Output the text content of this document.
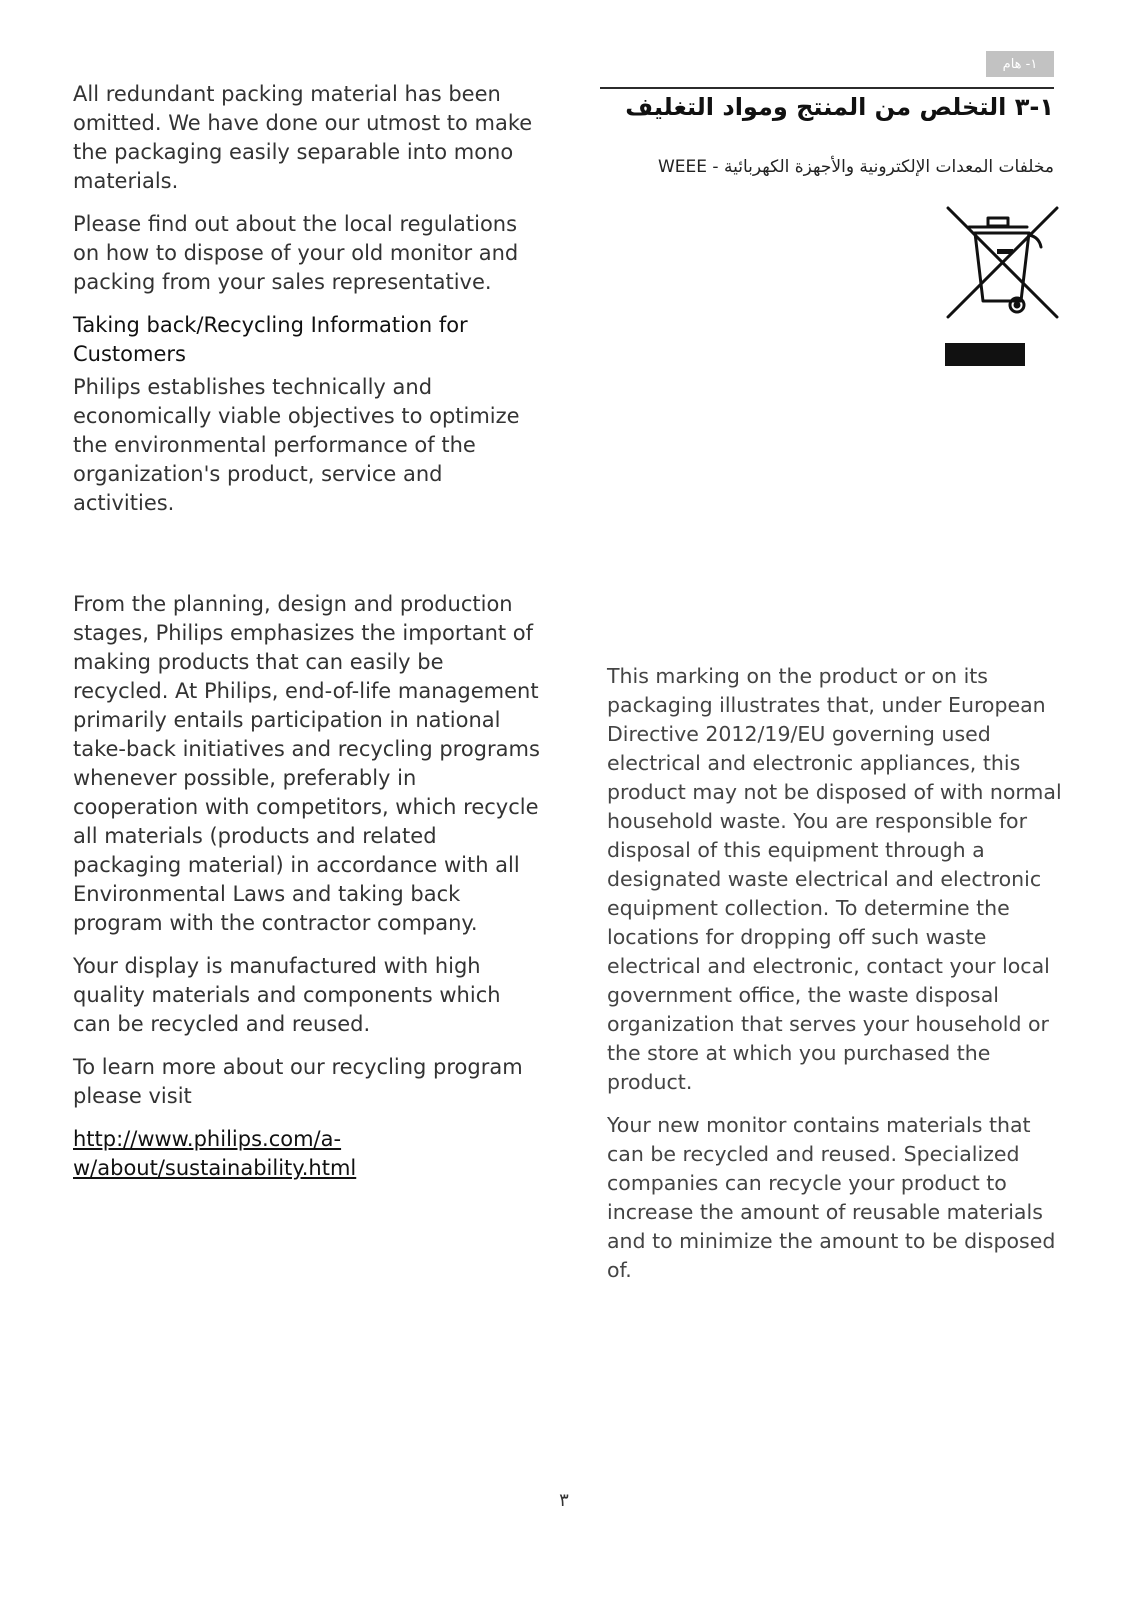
١- هام
١-٣ التخلص من المنتج ومواد التغليف
مخلفات المعدات الإلكترونية والأجهزة الكهربائية - WEEE

All redundant packing material has been omitted. We have done our utmost to make the packaging easily separable into mono materials.

Please find out about the local regulations on how to dispose of your old monitor and packing from your sales representative.

Taking back/Recycling Information for Customers

Philips establishes technically and economically viable objectives to optimize the environmental performance of the organization's product, service and activities.

From the planning, design and production stages, Philips emphasizes the important of making products that can easily be recycled. At Philips, end-of-life management primarily entails participation in national take-back initiatives and recycling programs whenever possible, preferably in cooperation with competitors, which recycle all materials (products and related packaging material) in accordance with all Environmental Laws and taking back program with the contractor company.

Your display is manufactured with high quality materials and components which can be recycled and reused.

To learn more about our recycling program please visit

http://www.philips.com/a-w/about/sustainability.html

This marking on the product or on its packaging illustrates that, under European Directive 2012/19/EU governing used electrical and electronic appliances, this product may not be disposed of with normal household waste. You are responsible for disposal of this equipment through a designated waste electrical and electronic equipment collection. To determine the locations for dropping off such waste electrical and electronic, contact your local government office, the waste disposal organization that serves your household or the store at which you purchased the product.

Your new monitor contains materials that can be recycled and reused. Specialized companies can recycle your product to increase the amount of reusable materials and to minimize the amount to be disposed of.

٣
